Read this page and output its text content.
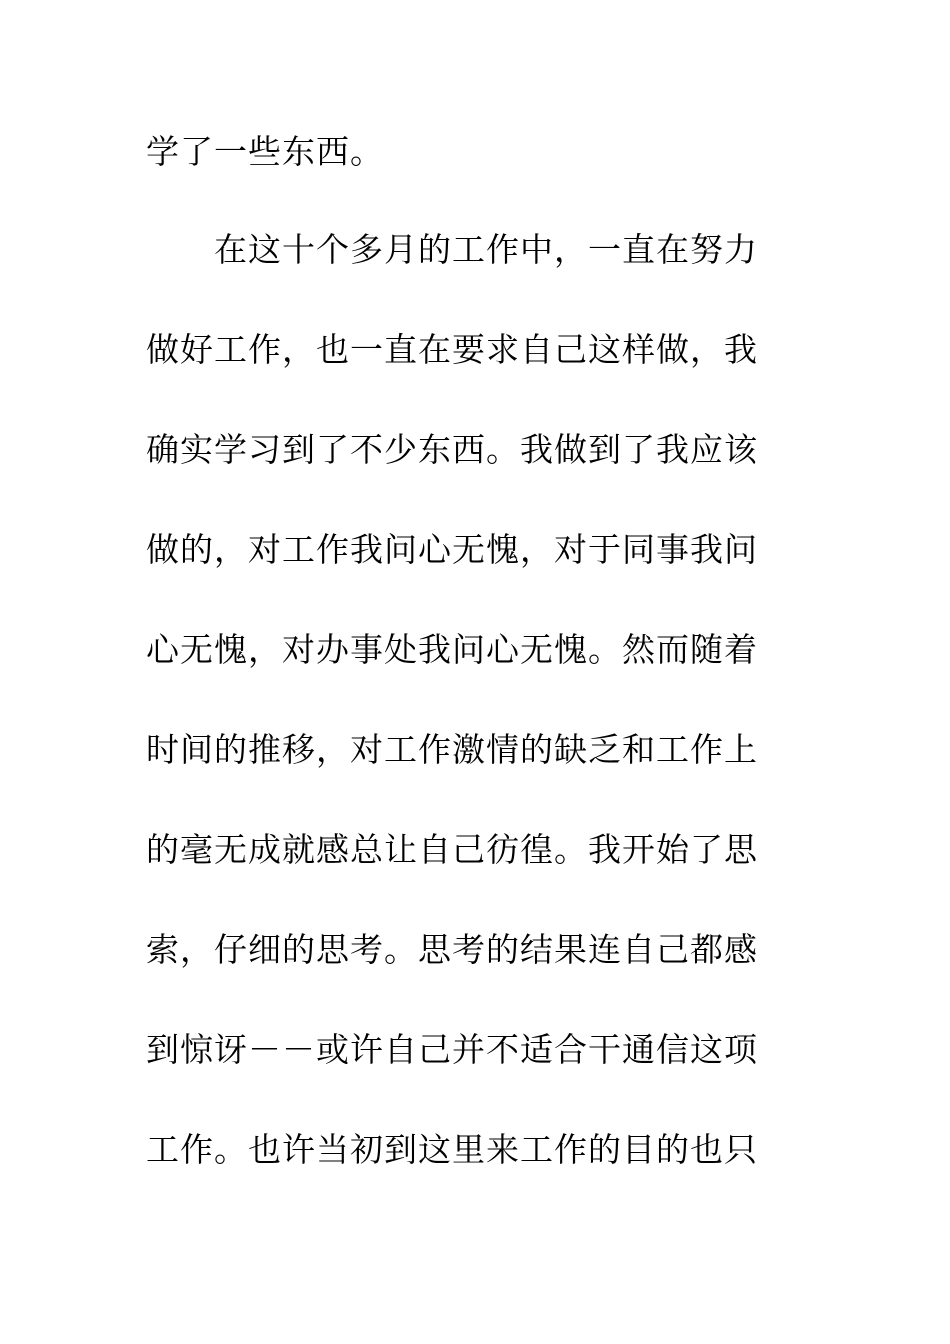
学了一些东西。
在这十个多月的工作中，一直在努力
做好工作，也一直在要求自己这样做，我
确实学习到了不少东西。我做到了我应该
做的，对工作我问心无愧，对于同事我问
心无愧，对办事处我问心无愧。然而随着
时间的推移，对工作激情的缺乏和工作上
的毫无成就感总让自己彷徨。我开始了思
索，仔细的思考。思考的结果连自己都感
到惊讶－－或许自己并不适合干通信这项
工作。也许当初到这里来工作的目的也只
